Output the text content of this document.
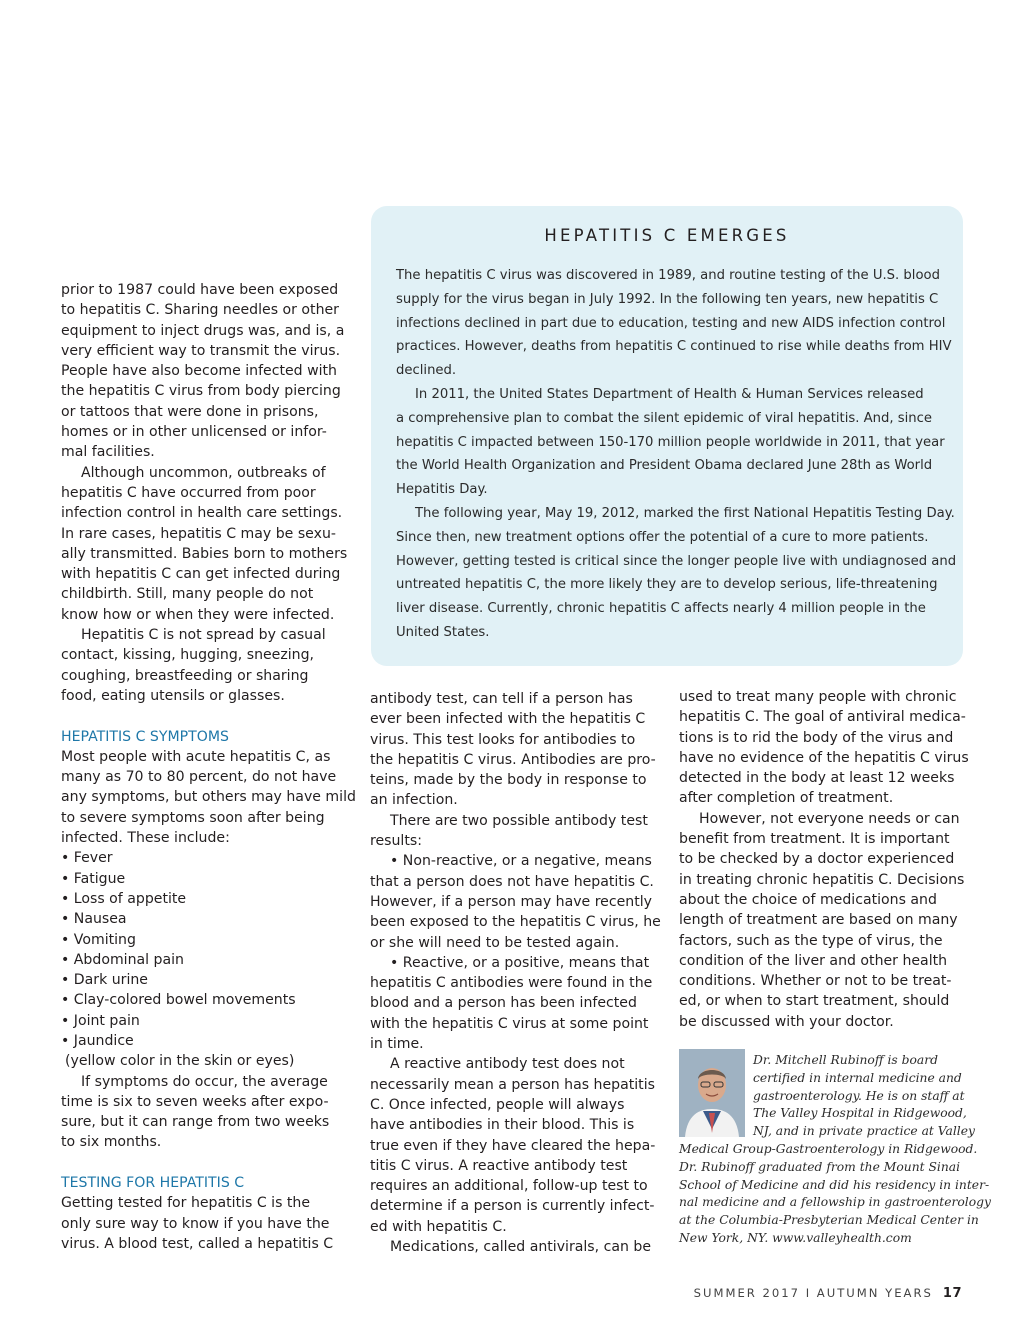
prior to 1987 could have been exposed
to hepatitis C. Sharing needles or other
equipment to inject drugs was, and is, a
very efficient way to transmit the virus.
People have also become infected with
the hepatitis C virus from body piercing
or tattoos that were done in prisons,
homes or in other unlicensed or infor-
mal facilities.
Although uncommon, outbreaks of
hepatitis C have occurred from poor
infection control in health care settings.
In rare cases, hepatitis C may be sexu-
ally transmitted. Babies born to mothers
with hepatitis C can get infected during
childbirth. Still, many people do not
know how or when they were infected.
Hepatitis C is not spread by casual
contact, kissing, hugging, sneezing,
coughing, breastfeeding or sharing
food, eating utensils or glasses.
HEPATITIS C SYMPTOMS
Most people with acute hepatitis C, as
many as 70 to 80 percent, do not have
any symptoms, but others may have mild
to severe symptoms soon after being
infected. These include:
• Fever
• Fatigue
• Loss of appetite
• Nausea
• Vomiting
• Abdominal pain
• Dark urine
• Clay-colored bowel movements
• Joint pain
• Jaundice
(yellow color in the skin or eyes)
If symptoms do occur, the average
time is six to seven weeks after expo-
sure, but it can range from two weeks
to six months.
TESTING FOR HEPATITIS C
Getting tested for hepatitis C is the
only sure way to know if you have the
virus. A blood test, called a hepatitis C
HEPATITIS C EMERGES
The hepatitis C virus was discovered in 1989, and routine testing of the U.S. blood
supply for the virus began in July 1992. In the following ten years, new hepatitis C
infections declined in part due to education, testing and new AIDS infection control
practices. However, deaths from hepatitis C continued to rise while deaths from HIV
declined.
In 2011, the United States Department of Health & Human Services released
a comprehensive plan to combat the silent epidemic of viral hepatitis. And, since
hepatitis C impacted between 150-170 million people worldwide in 2011, that year
the World Health Organization and President Obama declared June 28th as World
Hepatitis Day.
The following year, May 19, 2012, marked the first National Hepatitis Testing Day.
Since then, new treatment options offer the potential of a cure to more patients.
However, getting tested is critical since the longer people live with undiagnosed and
untreated hepatitis C, the more likely they are to develop serious, life-threatening
liver disease. Currently, chronic hepatitis C affects nearly 4 million people in the
United States.
antibody test, can tell if a person has
ever been infected with the hepatitis C
virus. This test looks for antibodies to
the hepatitis C virus. Antibodies are pro-
teins, made by the body in response to
an infection.
There are two possible antibody test
results:
• Non-reactive, or a negative, means
that a person does not have hepatitis C.
However, if a person may have recently
been exposed to the hepatitis C virus, he
or she will need to be tested again.
• Reactive, or a positive, means that
hepatitis C antibodies were found in the
blood and a person has been infected
with the hepatitis C virus at some point
in time.
A reactive antibody test does not
necessarily mean a person has hepatitis
C. Once infected, people will always
have antibodies in their blood. This is
true even if they have cleared the hepa-
titis C virus. A reactive antibody test
requires an additional, follow-up test to
determine if a person is currently infect-
ed with hepatitis C.
Medications, called antivirals, can be
used to treat many people with chronic
hepatitis C. The goal of antiviral medica-
tions is to rid the body of the virus and
have no evidence of the hepatitis C virus
detected in the body at least 12 weeks
after completion of treatment.
However, not everyone needs or can
benefit from treatment. It is important
to be checked by a doctor experienced
in treating chronic hepatitis C. Decisions
about the choice of medications and
length of treatment are based on many
factors, such as the type of virus, the
condition of the liver and other health
conditions. Whether or not to be treat-
ed, or when to start treatment, should
be discussed with your doctor.
Dr. Mitchell Rubinoff is board
certified in internal medicine and
gastroenterology. He is on staff at
The Valley Hospital in Ridgewood,
NJ, and in private practice at Valley
Medical Group-Gastroenterology in Ridgewood.
Dr. Rubinoff graduated from the Mount Sinai
School of Medicine and did his residency in inter-
nal medicine and a fellowship in gastroenterology
at the Columbia-Presbyterian Medical Center in
New York, NY. www.valleyhealth.com
SUMMER 2017 I AUTUMN YEARS 17
